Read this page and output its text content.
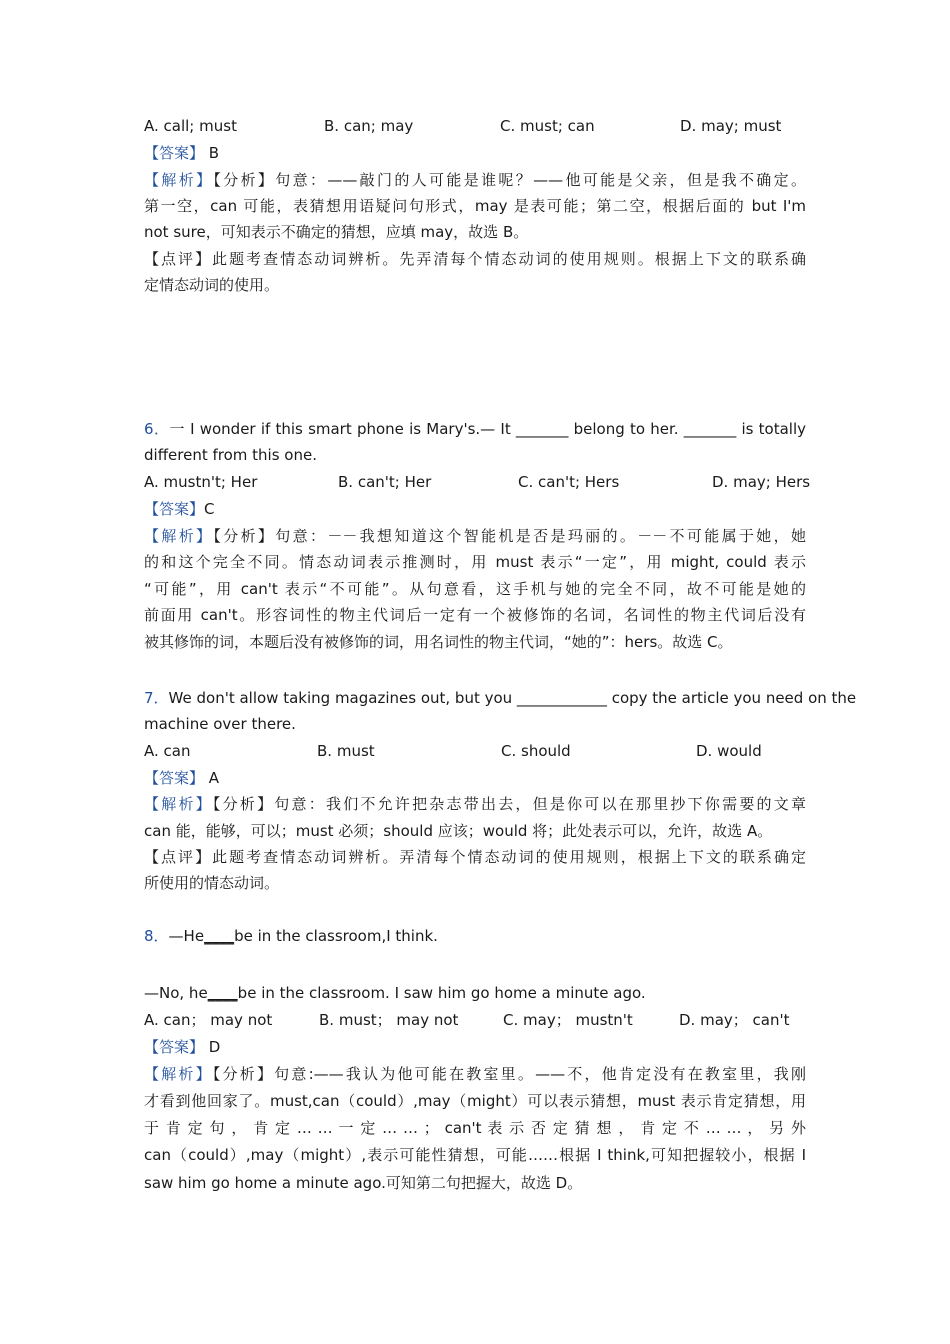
A. call; must	B. can; may	C. must; can	D. may; must
【答案】 B
【解析】【分析】句意：——敲门的人可能是谁呢？——他可能是父亲，但是我不确定。
第一空，can 可能，表猜想用语疑问句形式，may 是表可能；第二空，根据后面的 but I'm
not sure，可知表示不确定的猜想，应填 may，故选 B。
【点评】此题考查情态动词辨析。先弄清每个情态动词的使用规则。根据上下文的联系确
定情态动词的使用。
6．一 I wonder if this smart phone is Mary's.— It _______ belong to her. _______ is totally
different from this one.
A. mustn't; Her	B. can't; Her	C. can't; Hers	D. may; Hers
【答案】C
【解析】【分析】句意：－－我想知道这个智能机是否是玛丽的。－－不可能属于她，她
的和这个完全不同。情态动词表示推测时，用 must 表示“一定”，用 might, could 表示
“可能”，用 can't 表示“不可能”。从句意看，这手机与她的完全不同，故不可能是她的
前面用 can't。形容词性的物主代词后一定有一个被修饰的名词，名词性的物主代词后没有
被其修饰的词，本题后没有被修饰的词，用名词性的物主代词，“她的”：hers。故选 C。
7．We don't allow taking magazines out, but you ____________ copy the article you need on the
machine over there.
A. can	B. must	C. should	D. would
【答案】 A
【解析】【分析】句意：我们不允许把杂志带出去，但是你可以在那里抄下你需要的文章
can 能，能够，可以；must 必须；should 应该；would 将；此处表示可以，允许，故选 A。
【点评】此题考查情态动词辨析。弄清每个情态动词的使用规则，根据上下文的联系确定
所使用的情态动词。
8．—He____be in the classroom,I think.
—No, he____be in the classroom. I saw him go home a minute ago.
A. can； may not	B. must； may not	C. may； mustn't	D. may； can't
【答案】 D
【解析】【分析】句意:——我认为他可能在教室里。——不，他肯定没有在教室里，我刚
才看到他回家了。must,can（could）,may（might）可以表示猜想，must 表示肯定猜想，用
于 肯 定 句 ， 肯 定 … … 一 定 … … ； can't 表 示 否 定 猜 想 ， 肯 定 不 … … ， 另 外
can（could）,may（might）,表示可能性猜想，可能……根据 I think,可知把握较小，根据 I
saw him go home a minute ago.可知第二句把握大，故选 D。
